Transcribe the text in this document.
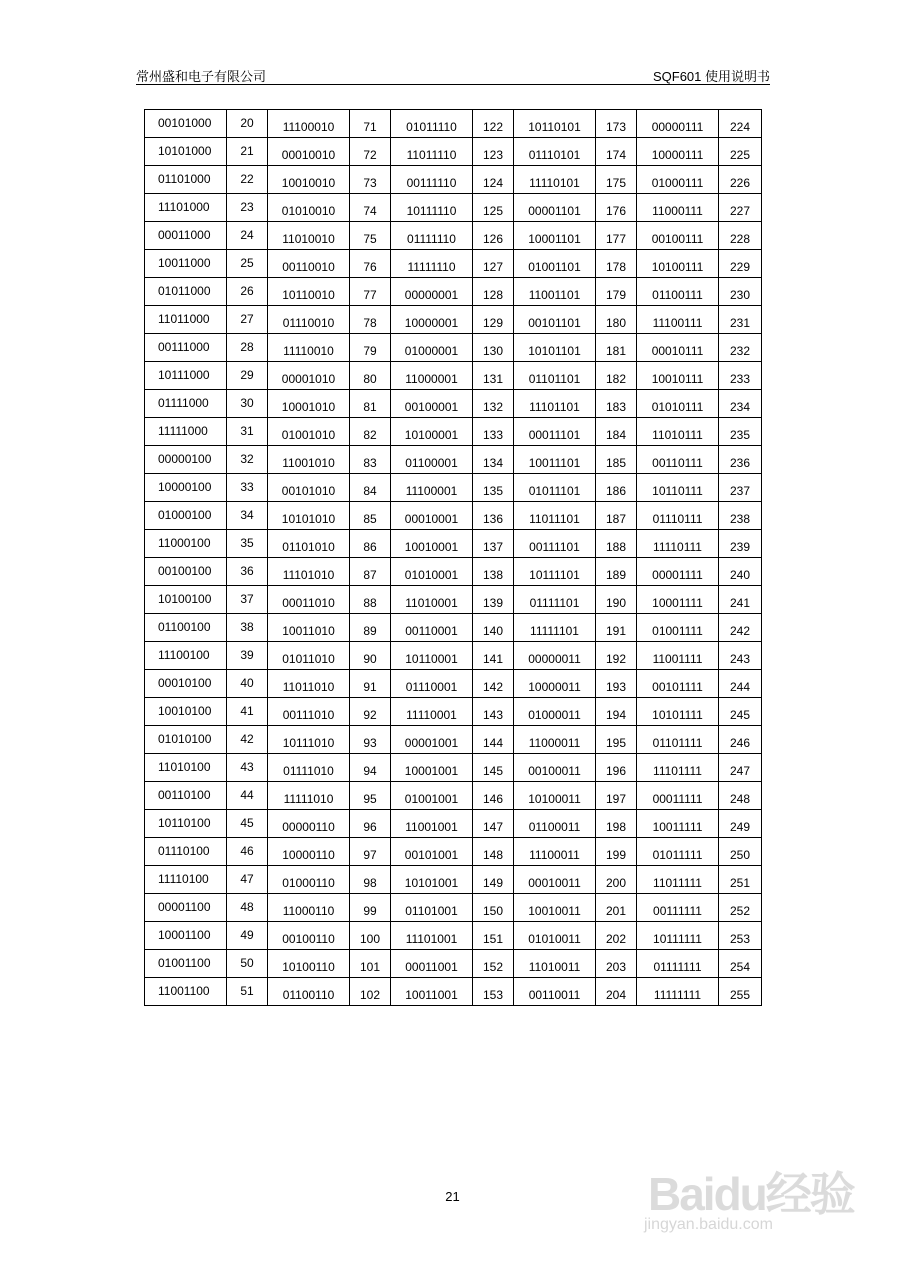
常州盛和电子有限公司	SQF601 使用说明书
00101000	20	11100010	71	01011110	122	10110101	173	00000111	224
10101000	21	00010010	72	11011110	123	01110101	174	10000111	225
01101000	22	10010010	73	00111110	124	11110101	175	01000111	226
11101000	23	01010010	74	10111110	125	00001101	176	11000111	227
00011000	24	11010010	75	01111110	126	10001101	177	00100111	228
10011000	25	00110010	76	11111110	127	01001101	178	10100111	229
01011000	26	10110010	77	00000001	128	11001101	179	01100111	230
11011000	27	01110010	78	10000001	129	00101101	180	11100111	231
00111000	28	11110010	79	01000001	130	10101101	181	00010111	232
10111000	29	00001010	80	11000001	131	01101101	182	10010111	233
01111000	30	10001010	81	00100001	132	11101101	183	01010111	234
11111000	31	01001010	82	10100001	133	00011101	184	11010111	235
00000100	32	11001010	83	01100001	134	10011101	185	00110111	236
10000100	33	00101010	84	11100001	135	01011101	186	10110111	237
01000100	34	10101010	85	00010001	136	11011101	187	01110111	238
11000100	35	01101010	86	10010001	137	00111101	188	11110111	239
00100100	36	11101010	87	01010001	138	10111101	189	00001111	240
10100100	37	00011010	88	11010001	139	01111101	190	10001111	241
01100100	38	10011010	89	00110001	140	11111101	191	01001111	242
11100100	39	01011010	90	10110001	141	00000011	192	11001111	243
00010100	40	11011010	91	01110001	142	10000011	193	00101111	244
10010100	41	00111010	92	11110001	143	01000011	194	10101111	245
01010100	42	10111010	93	00001001	144	11000011	195	01101111	246
11010100	43	01111010	94	10001001	145	00100011	196	11101111	247
00110100	44	11111010	95	01001001	146	10100011	197	00011111	248
10110100	45	00000110	96	11001001	147	01100011	198	10011111	249
01110100	46	10000110	97	00101001	148	11100011	199	01011111	250
11110100	47	01000110	98	10101001	149	00010011	200	11011111	251
00001100	48	11000110	99	01101001	150	10010011	201	00111111	252
10001100	49	00100110	100	11101001	151	01010011	202	10111111	253
01001100	50	10100110	101	00011001	152	11010011	203	01111111	254
11001100	51	01100110	102	10011001	153	00110011	204	11111111	255
21	Baidu经验
jingyan.baidu.com
